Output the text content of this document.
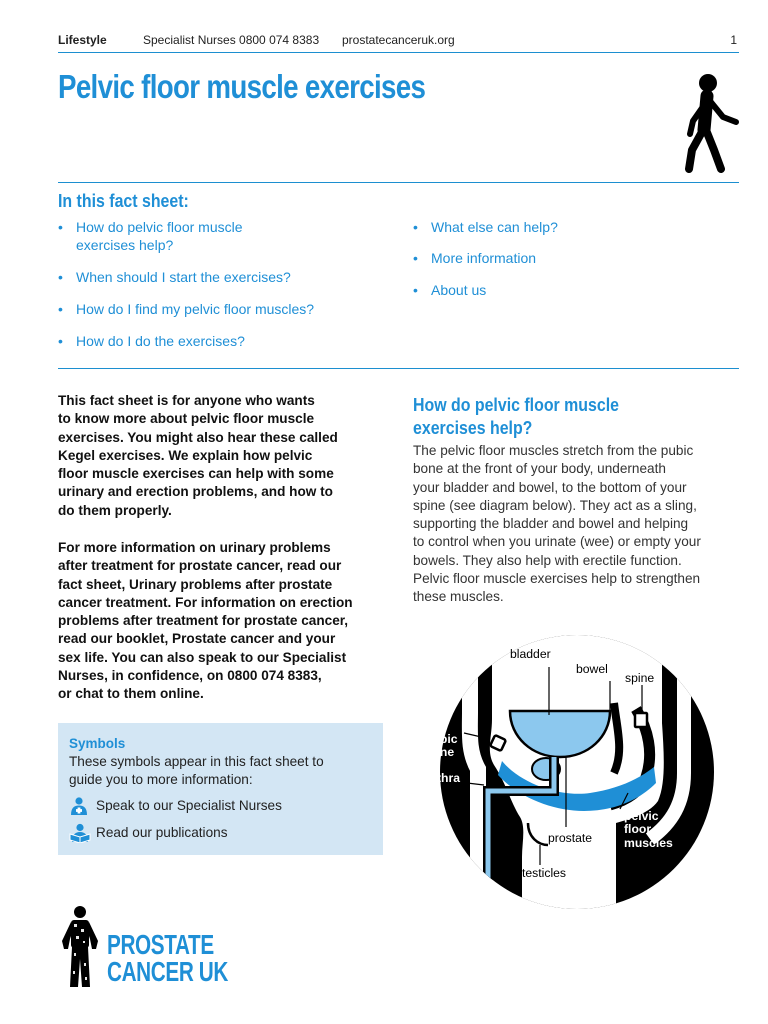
Lifestyle	Specialist Nurses 0800 074 8383 prostatecanceruk.org	1
Pelvic floor muscle exercises
In this fact sheet:
• How do pelvic floor muscle
exercises help?
• When should I start the exercises?
• How do I find my pelvic floor muscles?
• How do I do the exercises?
• What else can help?
• More information
• About us
This fact sheet is for anyone who wants
to know more about pelvic floor muscle
exercises. You might also hear these called
Kegel exercises. We explain how pelvic
floor muscle exercises can help with some
urinary and erection problems, and how to
do them properly.
For more information on urinary problems
after treatment for prostate cancer, read our
fact sheet, Urinary problems after prostate
cancer treatment. For information on erection
problems after treatment for prostate cancer,
read our booklet, Prostate cancer and your
sex life. You can also speak to our Specialist
Nurses, in confidence, on 0800 074 8383,
or chat to them online.
Symbols
These symbols appear in this fact sheet to
guide you to more information:
Speak to our Specialist Nurses
Read our publications
How do pelvic floor muscle
exercises help?
The pelvic floor muscles stretch from the pubic
bone at the front of your body, underneath
your bladder and bowel, to the bottom of your
spine (see diagram below). They act as a sling,
supporting the bladder and bowel and helping
to control when you urinate (wee) or empty your
bowels. They also help with erectile function.
Pelvic floor muscle exercises help to strengthen
these muscles.
bladder
bowel
spine
pubic
bone
urethra
pelvic
floor
muscles
prostate
testicles
PROSTATE
CANCER UK
